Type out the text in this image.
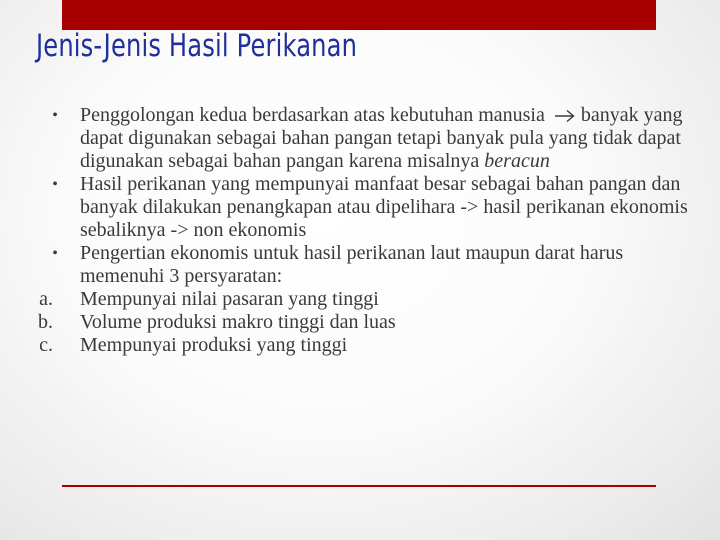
Jenis-Jenis Hasil Perikanan
•	Penggolongan kedua berdasarkan atas kebutuhan manusia banyak yang dapat digunakan sebagai bahan pangan tetapi banyak pula yang tidak dapat digunakan sebagai bahan pangan karena misalnya beracun
•	Hasil perikanan yang mempunyai manfaat besar sebagai bahan pangan dan banyak dilakukan penangkapan atau dipelihara -> hasil perikanan ekonomis sebaliknya -> non ekonomis
•	Pengertian ekonomis untuk hasil perikanan laut maupun darat harus memenuhi 3 persyaratan:
a.	Mempunyai nilai pasaran yang tinggi
b.	Volume produksi makro tinggi dan luas
c.	Mempunyai produksi yang tinggi
